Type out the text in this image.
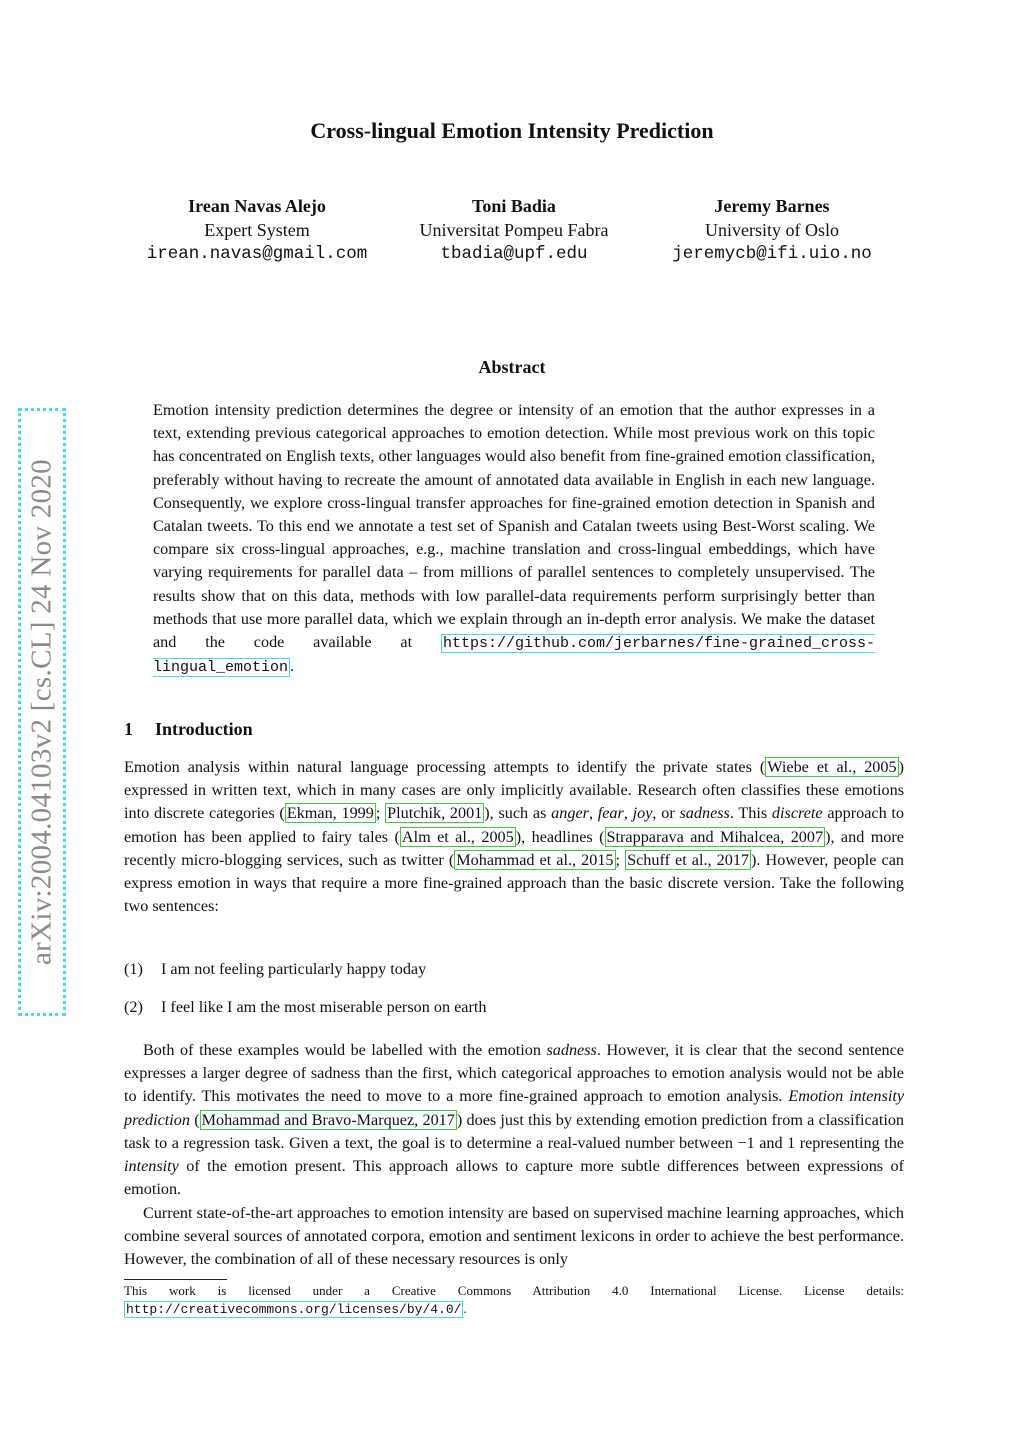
Cross-lingual Emotion Intensity Prediction
Irean Navas Alejo
Expert System
irean.navas@gmail.com
Toni Badia
Universitat Pompeu Fabra
tbadia@upf.edu
Jeremy Barnes
University of Oslo
jeremycb@ifi.uio.no
arXiv:2004.04103v2 [cs.CL] 24 Nov 2020
Abstract
Emotion intensity prediction determines the degree or intensity of an emotion that the author expresses in a text, extending previous categorical approaches to emotion detection. While most previous work on this topic has concentrated on English texts, other languages would also benefit from fine-grained emotion classification, preferably without having to recreate the amount of annotated data available in English in each new language. Consequently, we explore cross-lingual transfer approaches for fine-grained emotion detection in Spanish and Catalan tweets. To this end we annotate a test set of Spanish and Catalan tweets using Best-Worst scaling. We compare six cross-lingual approaches, e.g., machine translation and cross-lingual embeddings, which have varying requirements for parallel data – from millions of parallel sentences to completely unsupervised. The results show that on this data, methods with low parallel-data requirements perform surprisingly better than methods that use more parallel data, which we explain through an in-depth error analysis. We make the dataset and the code available at https://github.com/jerbarnes/fine-grained_cross-lingual_emotion .
1 Introduction
Emotion analysis within natural language processing attempts to identify the private states ( Wiebe et al., 2005 ) expressed in written text, which in many cases are only implicitly available. Research often classifies these emotions into discrete categories ( Ekman, 1999 ; Plutchik, 2001 ), such as anger, fear, joy, or sadness. This discrete approach to emotion has been applied to fairy tales ( Alm et al., 2005 ), headlines ( Strapparava and Mihalcea, 2007 ), and more recently micro-blogging services, such as twitter ( Mohammad et al., 2015 ; Schuff et al., 2017 ). However, people can express emotion in ways that require a more fine-grained approach than the basic discrete version. Take the following two sentences:
(1) I am not feeling particularly happy today
(2) I feel like I am the most miserable person on earth
Both of these examples would be labelled with the emotion sadness. However, it is clear that the second sentence expresses a larger degree of sadness than the first, which categorical approaches to emotion analysis would not be able to identify. This motivates the need to move to a more fine-grained approach to emotion analysis. Emotion intensity prediction ( Mohammad and Bravo-Marquez, 2017 ) does just this by extending emotion prediction from a classification task to a regression task. Given a text, the goal is to determine a real-valued number between −1 and 1 representing the intensity of the emotion present. This approach allows to capture more subtle differences between expressions of emotion.
Current state-of-the-art approaches to emotion intensity are based on supervised machine learning approaches, which combine several sources of annotated corpora, emotion and sentiment lexicons in order to achieve the best performance. However, the combination of all of these necessary resources is only
This work is licensed under a Creative Commons Attribution 4.0 International License. License details: http://creativecommons.org/licenses/by/4.0/ .
